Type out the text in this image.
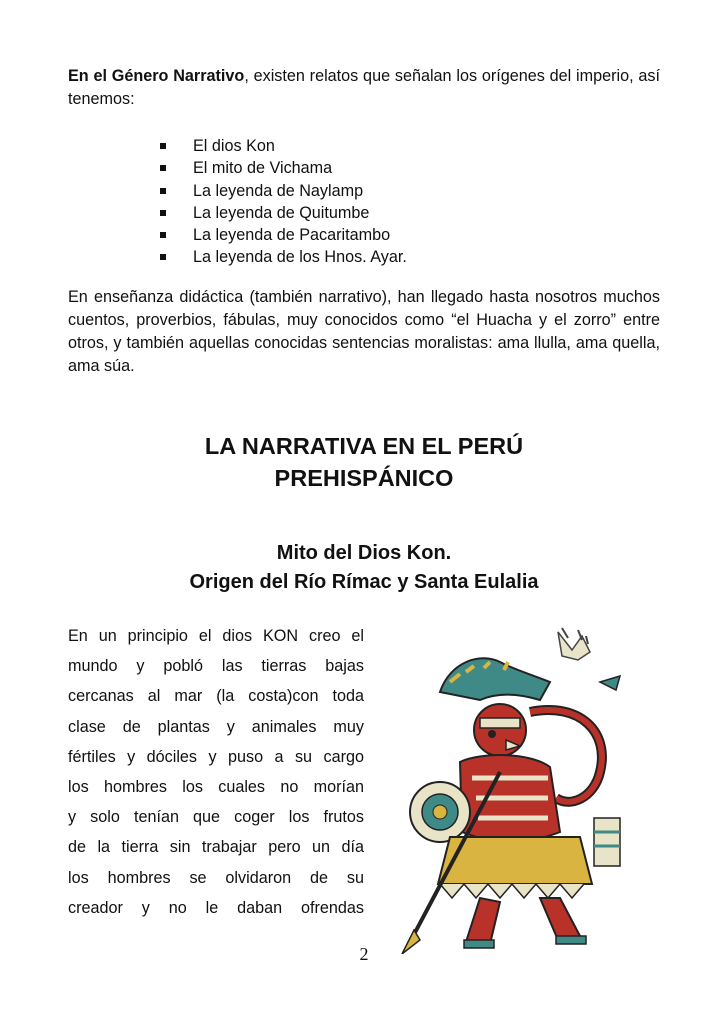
En el Género Narrativo, existen relatos que señalan los orígenes del imperio, así tenemos:

El dios Kon
El mito de Vichama
La leyenda de Naylamp
La leyenda de Quitumbe
La leyenda de Pacaritambo
La leyenda de los Hnos. Ayar.

En enseñanza didáctica (también narrativo), han llegado hasta nosotros muchos cuentos, proverbios, fábulas, muy conocidos como “el Huacha y el zorro” entre otros, y también aquellas conocidas sentencias moralistas: ama llulla, ama quella, ama súa.

LA NARRATIVA EN EL PERÚ
PREHISPÁNICO
Mito del Dios Kon.
Origen del Río Rímac y Santa Eulalia
En un principio el dios KON creo el
mundo y pobló las tierras bajas
cercanas al mar (la costa)con toda
clase de plantas y animales muy
fértiles y dóciles y puso a su cargo
los hombres los cuales no morían
y solo tenían que coger los frutos
de la tierra sin trabajar pero un día
los hombres se olvidaron de su
creador y no le daban ofrendas
2
